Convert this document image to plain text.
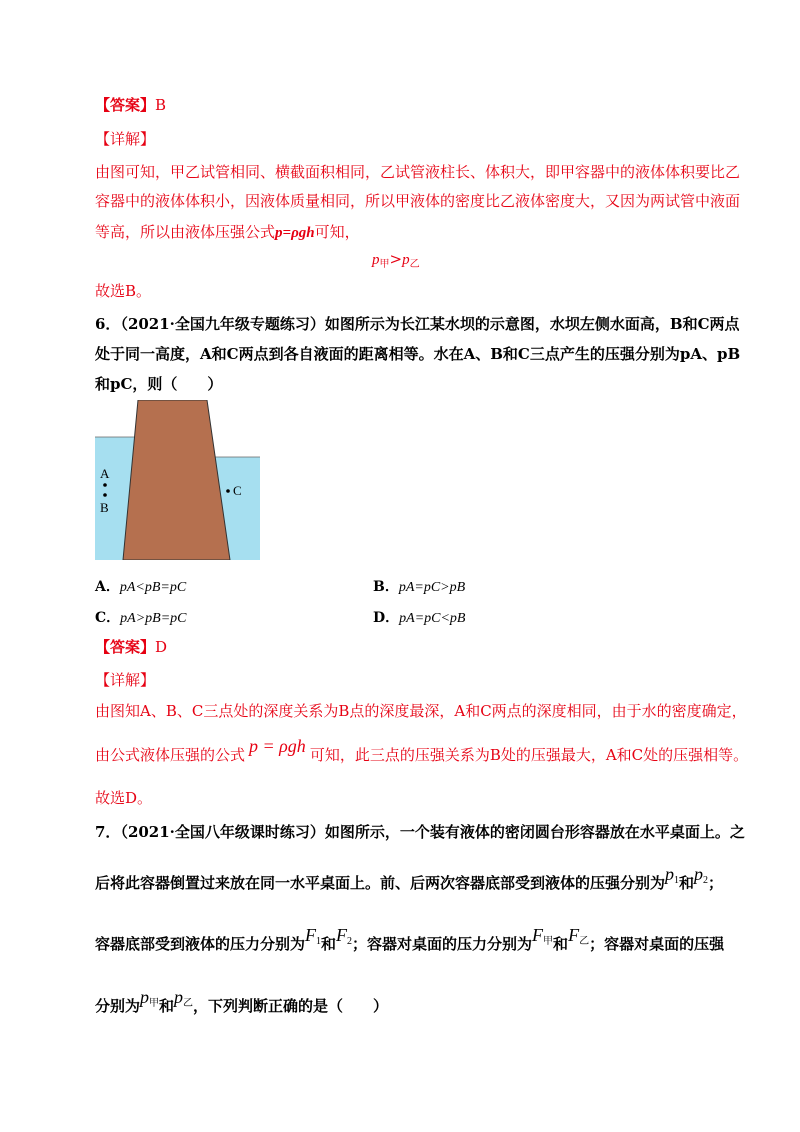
【答案】B
【详解】
由图可知，甲乙试管相同、横截面积相同，乙试管液柱长、体积大，即甲容器中的液体体积要比乙
容器中的液体体积小，因液体质量相同，所以甲液体的密度比乙液体密度大，又因为两试管中液面
等高，所以由液体压强公式p=ρgh可知，
$p_甲>p_乙$
故选B。
6．（2021·全国九年级专题练习）如图所示为长江某水坝的示意图，水坝左侧水面高，B和C两点
处于同一高度，A和C两点到各自液面的距离相等。水在A、B和C三点产生的压强分别为pA、pB
和pC，则（　　）
A
B
C
A．pA<pB=pC	B．pA=pC>pB
C．pA>pB=pC	D．pA=pC<pB
【答案】D
【详解】
由图知A、B、C三点处的深度关系为B点的深度最深，A和C两点的深度相同，由于水的密度确定，
由公式液体压强的公式 p = ρgh 可知，此三点的压强关系为B处的压强最大，A和C处的压强相等。
故选D。
7．（2021·全国八年级课时练习）如图所示，一个装有液体的密闭圆台形容器放在水平桌面上。之
后将此容器倒置过来放在同一水平桌面上。前、后两次容器底部受到液体的压强分别为p1和p2；
容器底部受到液体的压力分别为F1和F2；容器对桌面的压力分别为F甲和F乙；容器对桌面的压强
分别为p甲和p乙，下列判断正确的是（　　）
